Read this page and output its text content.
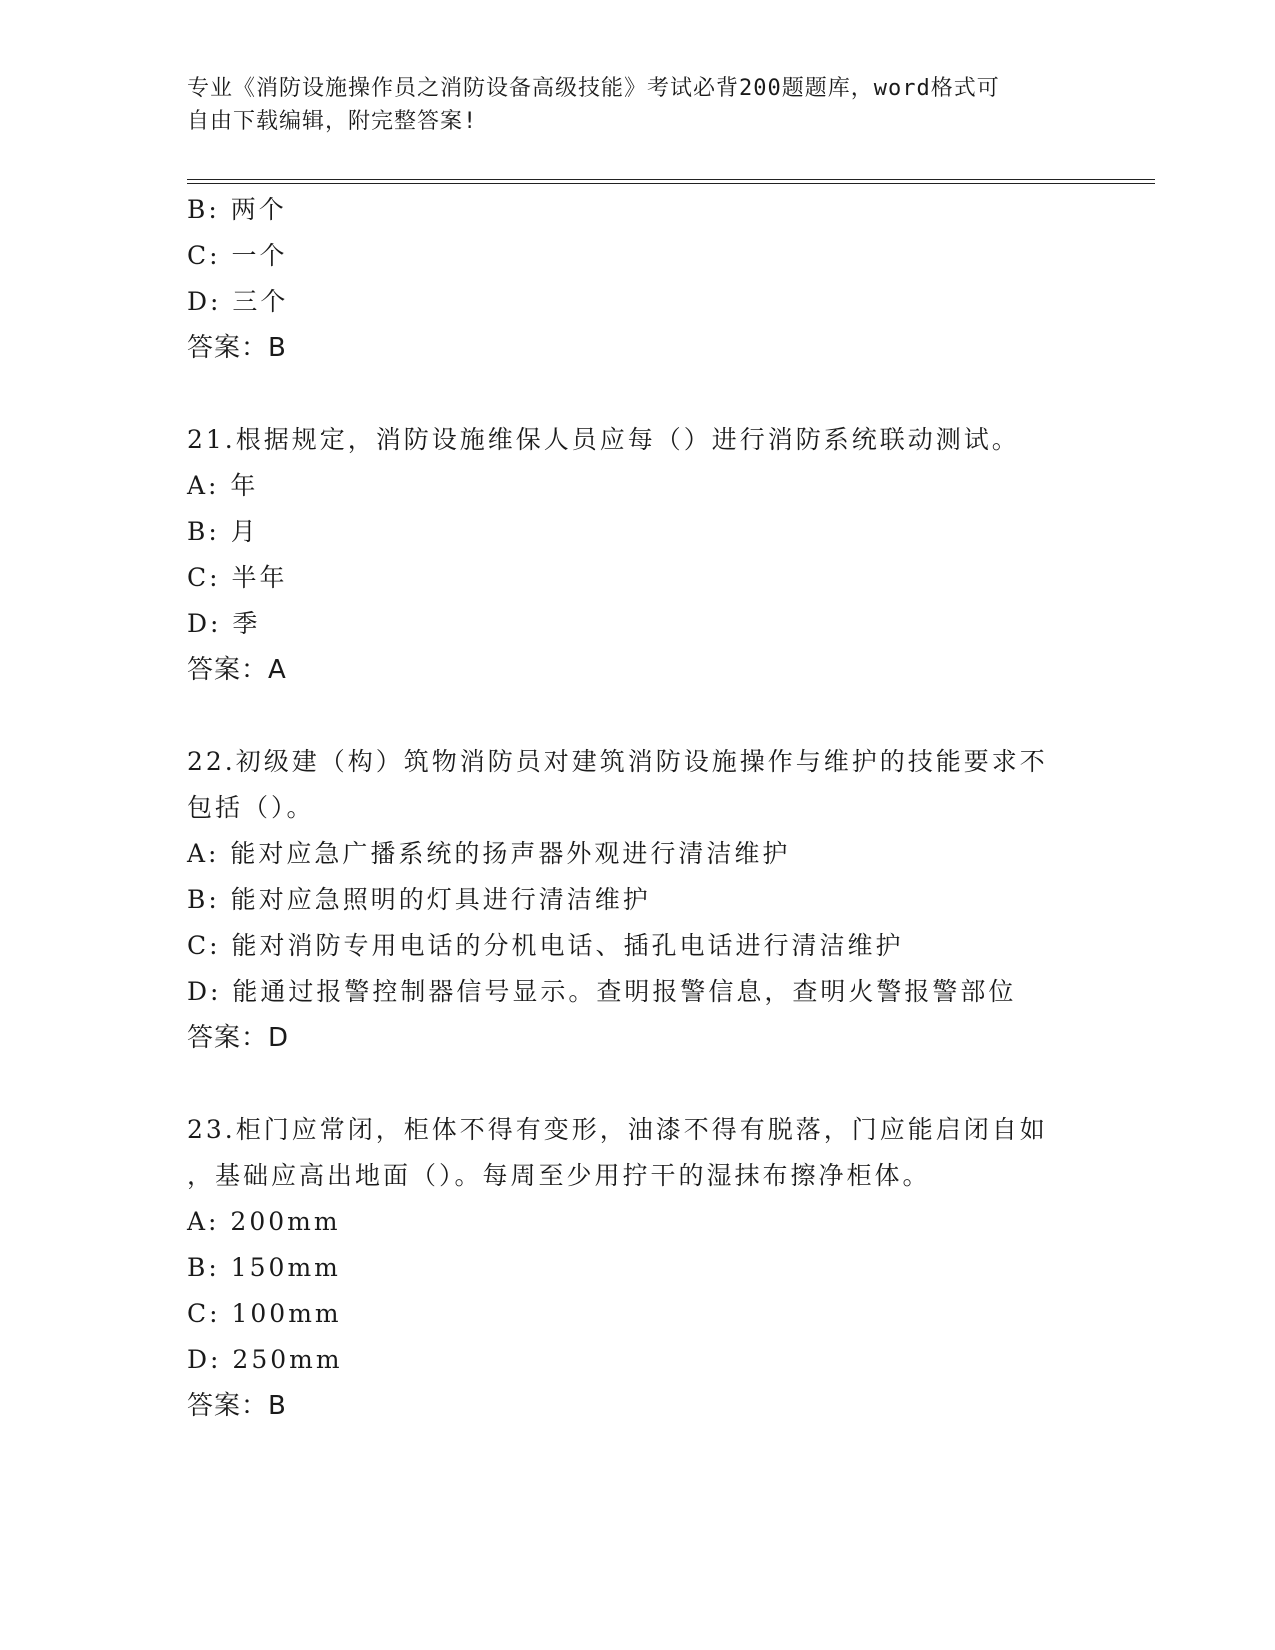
专业《消防设施操作员之消防设备高级技能》考试必背200题题库，word格式可
自由下载编辑，附完整答案!
B: 两个
C: 一个
D: 三个
答案：B
21.根据规定，消防设施维保人员应每（）进行消防系统联动测试。
A: 年
B: 月
C: 半年
D: 季
答案：A
22.初级建（构）筑物消防员对建筑消防设施操作与维护的技能要求不
包括（）。
A: 能对应急广播系统的扬声器外观进行清洁维护
B: 能对应急照明的灯具进行清洁维护
C: 能对消防专用电话的分机电话、插孔电话进行清洁维护
D: 能通过报警控制器信号显示。查明报警信息，查明火警报警部位
答案：D
23.柜门应常闭，柜体不得有变形，油漆不得有脱落，门应能启闭自如
，基础应高出地面（）。每周至少用拧干的湿抹布擦净柜体。
A: 200mm
B: 150mm
C: 100mm
D: 250mm
答案：B
